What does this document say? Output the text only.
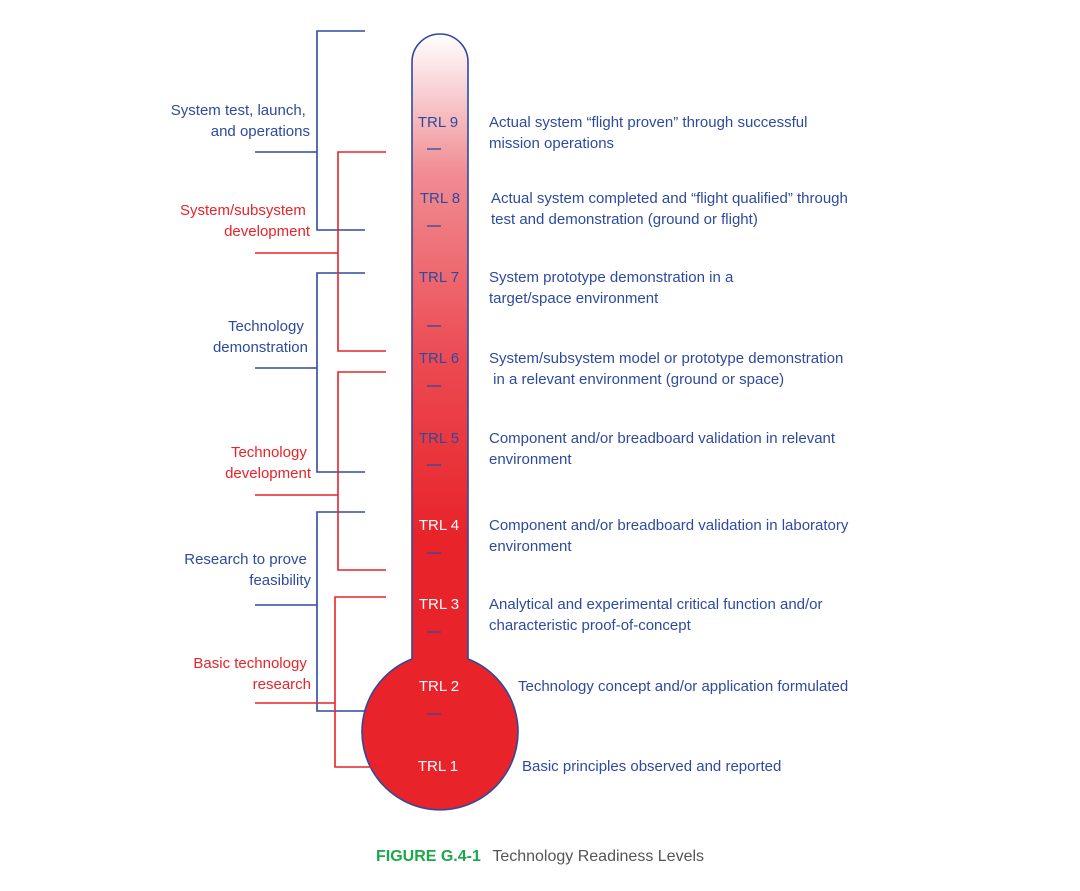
TRL 9 Actual system “flight proven” through successful mission operations
TRL 8 Actual system completed and “flight qualified” through test and demonstration (ground or flight)
TRL 7 System prototype demonstration in a target/space environment
TRL 6 System/subsystem model or prototype demonstration  in a relevant environment (ground or space)
TRL 5 Component and/or breadboard validation in relevant environment
TRL 4 Component and/or breadboard validation in laboratory environment
TRL 3 Analytical and experimental critical function and/or characteristic proof-of-concept
TRL 2	Technology concept and/or application formulated
TRL 1	Basic principles observed and reported
System test, launch, and operations
System/subsystem development
Technology demonstration
Technology development
Research to prove feasibility
Basic technology research
FIGURE G.4-1 Technology Readiness Levels
